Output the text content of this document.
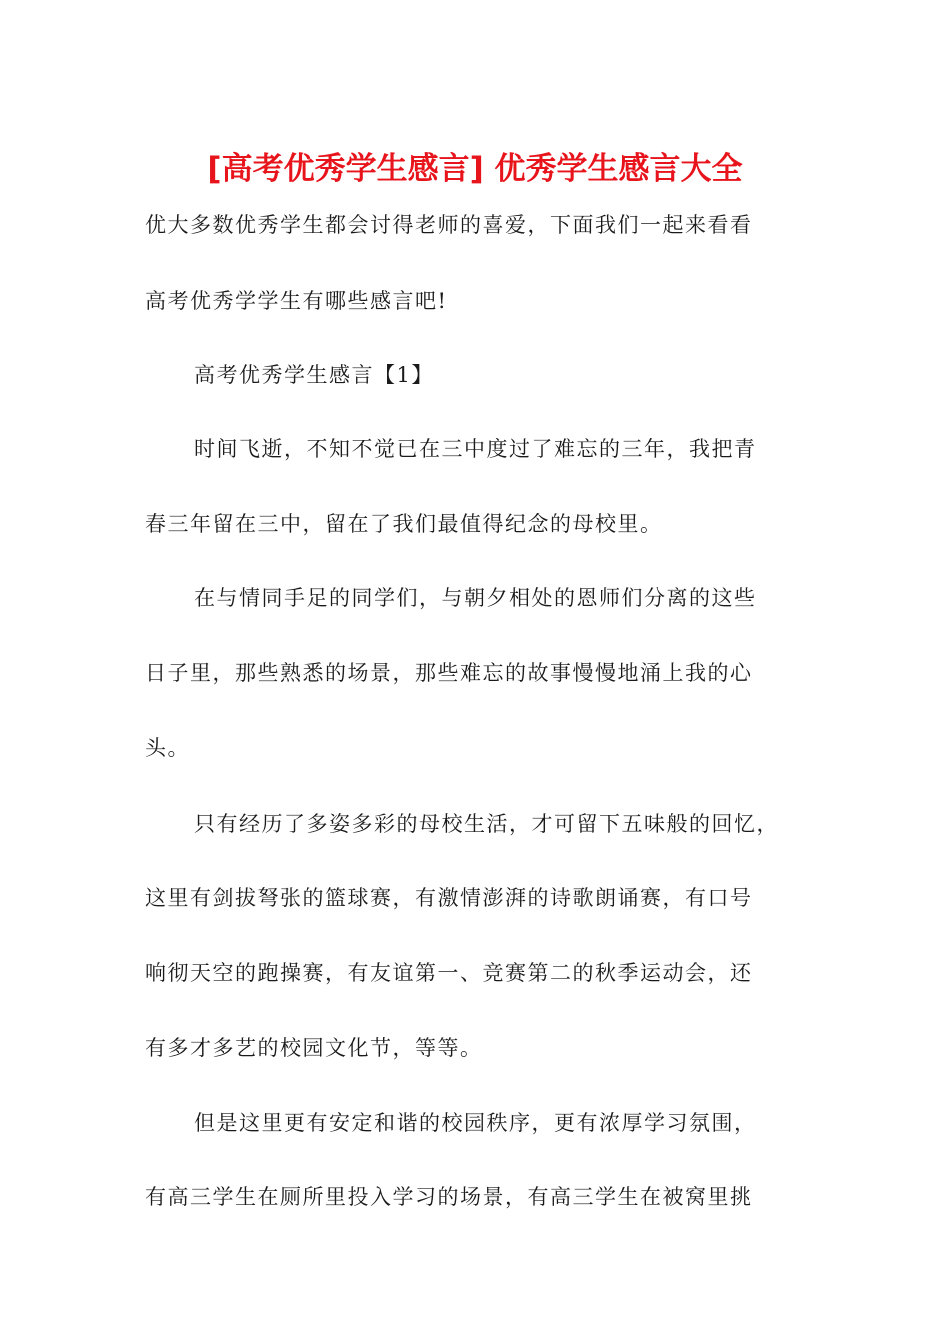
[高考优秀学生感言] 优秀学生感言大全
优大多数优秀学生都会讨得老师的喜爱，下面我们一起来看看
高考优秀学学生有哪些感言吧!
高考优秀学生感言【1】
时间飞逝，不知不觉已在三中度过了难忘的三年，我把青
春三年留在三中，留在了我们最值得纪念的母校里。
在与情同手足的同学们，与朝夕相处的恩师们分离的这些
日子里，那些熟悉的场景，那些难忘的故事慢慢地涌上我的心
头。
只有经历了多姿多彩的母校生活，才可留下五味般的回忆，
这里有剑拔弩张的篮球赛，有激情澎湃的诗歌朗诵赛，有口号
响彻天空的跑操赛，有友谊第一、竞赛第二的秋季运动会，还
有多才多艺的校园文化节，等等。
但是这里更有安定和谐的校园秩序，更有浓厚学习氛围，
有高三学生在厕所里投入学习的场景，有高三学生在被窝里挑
